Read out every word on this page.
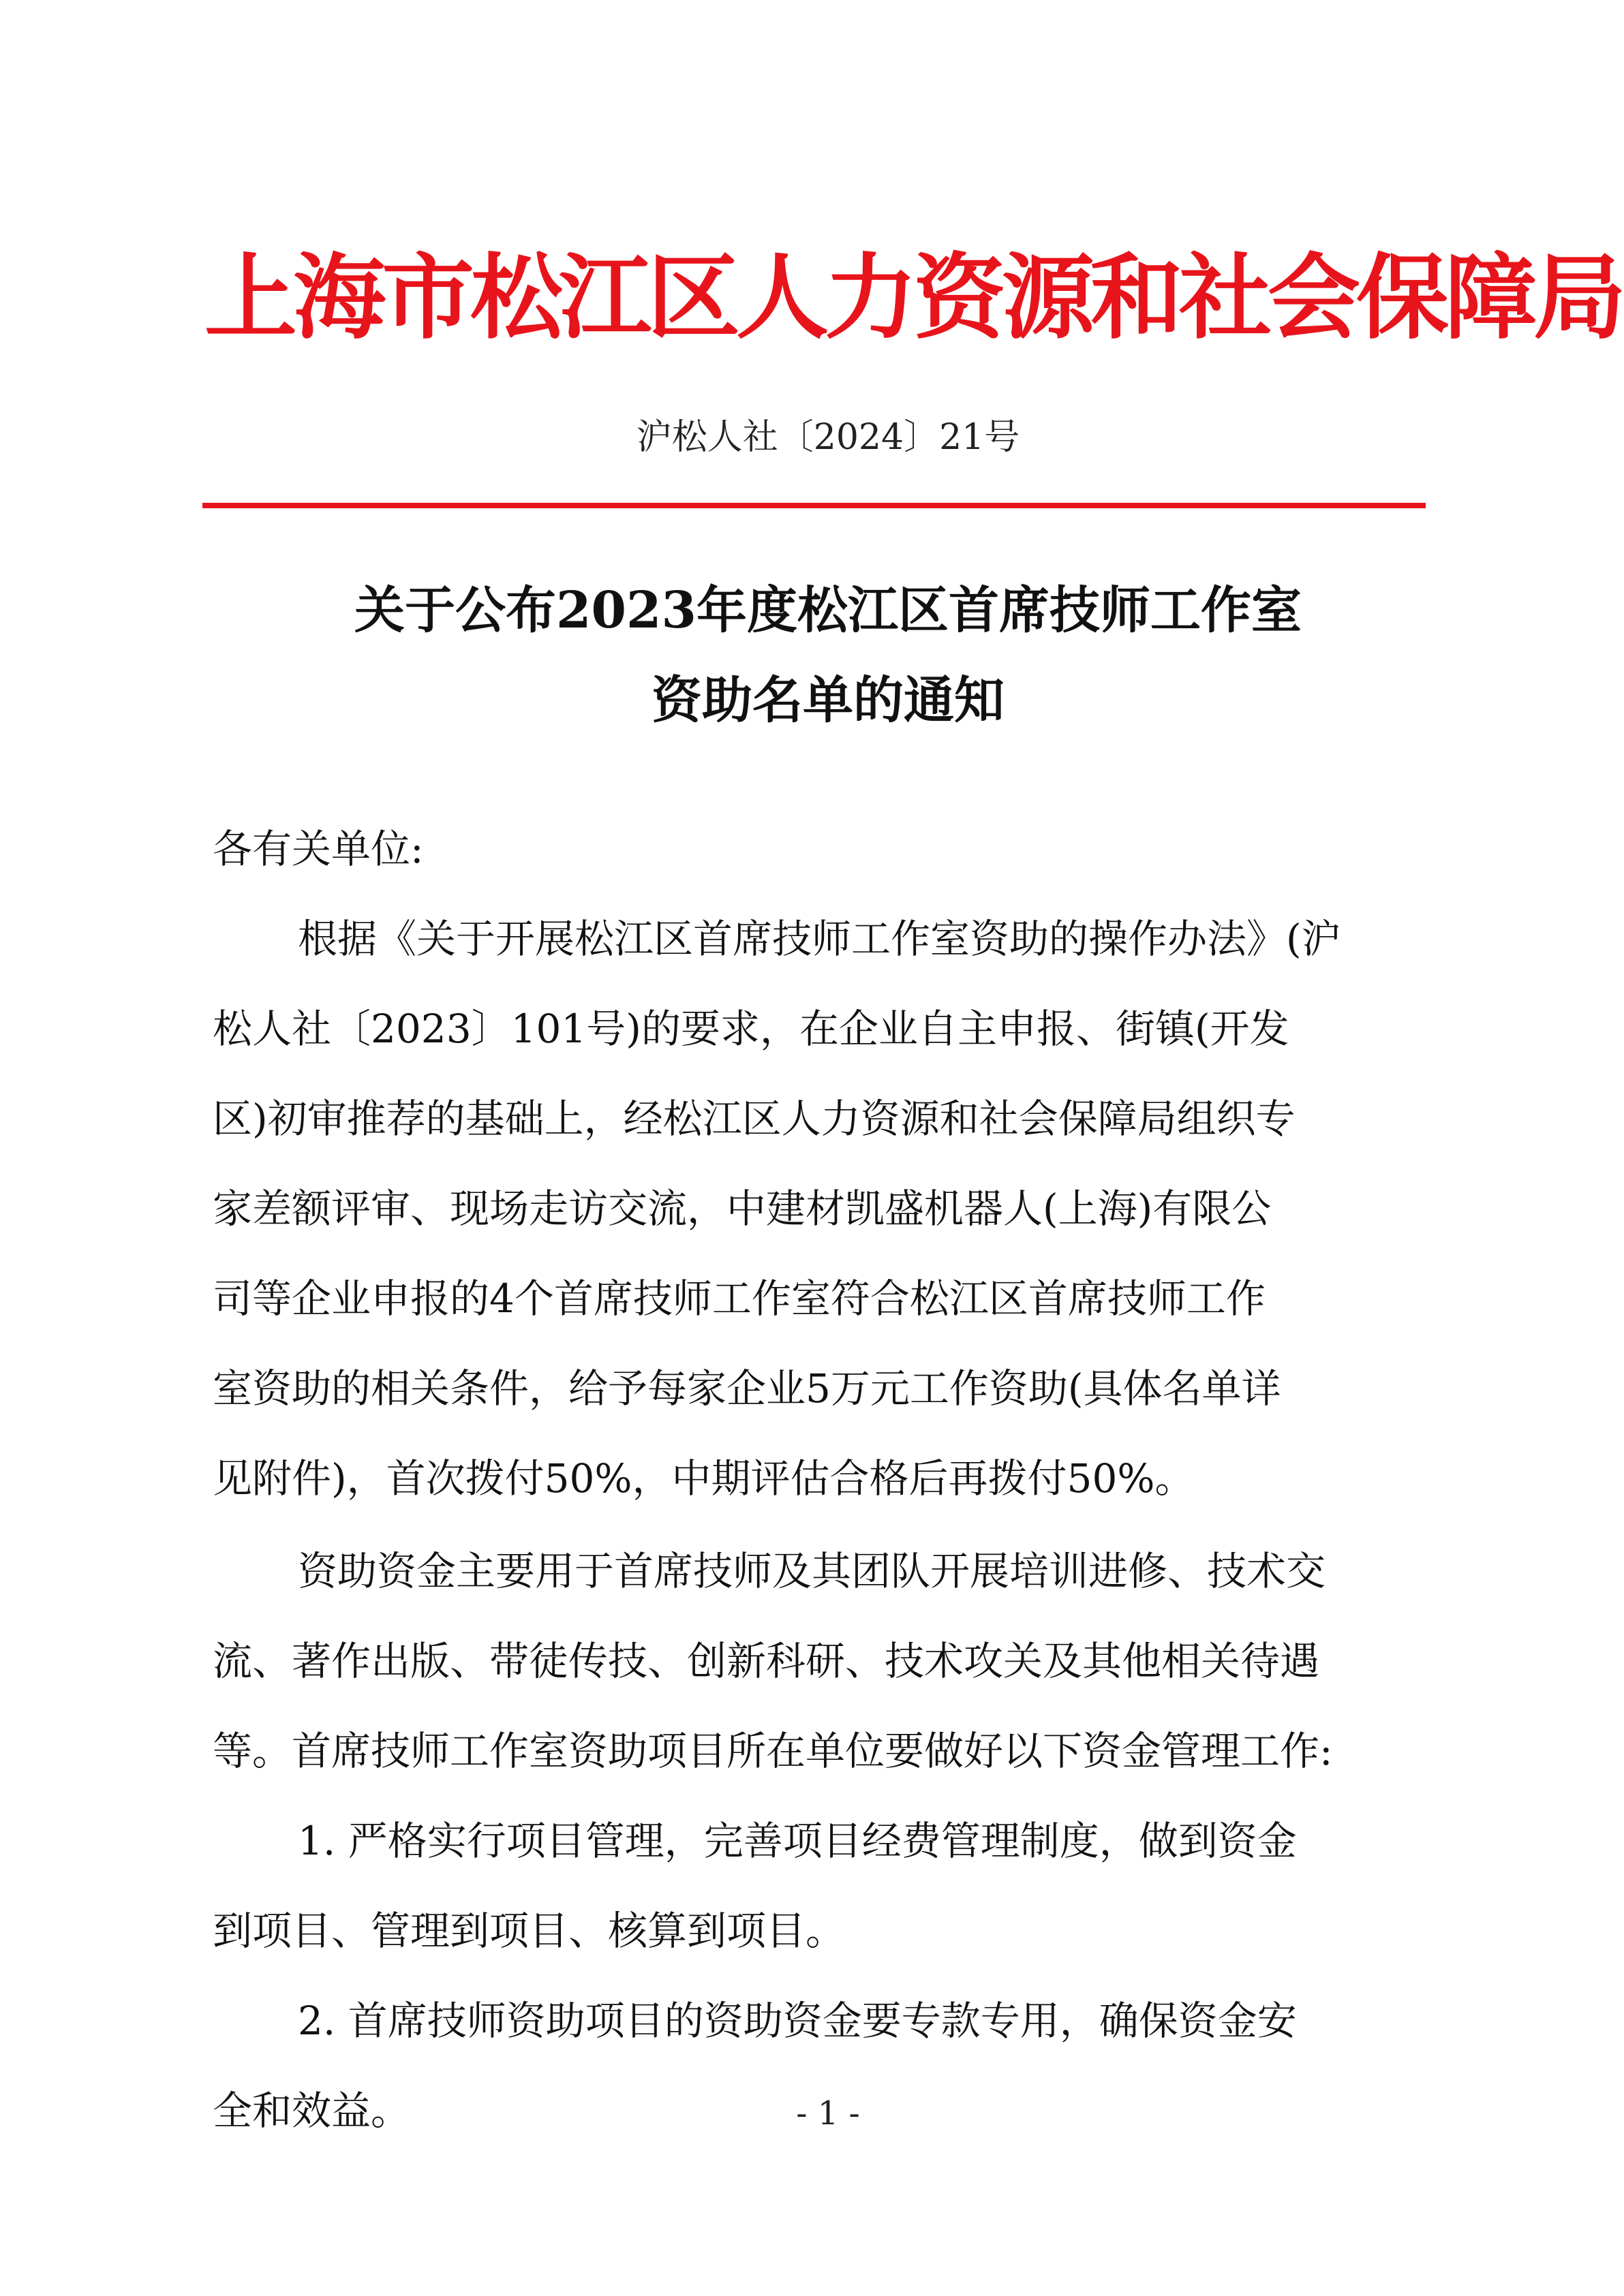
上海市松江区人力资源和社会保障局
沪松人社〔2024〕21号
关于公布2023年度松江区首席技师工作室
资助名单的通知
各有关单位:
根据《关于开展松江区首席技师工作室资助的操作办法》(沪
松人社〔2023〕101号)的要求，在企业自主申报、街镇(开发
区)初审推荐的基础上，经松江区人力资源和社会保障局组织专
家差额评审、现场走访交流，中建材凯盛机器人(上海)有限公
司等企业申报的4个首席技师工作室符合松江区首席技师工作
室资助的相关条件，给予每家企业5万元工作资助(具体名单详
见附件)，首次拨付50%，中期评估合格后再拨付50%。
资助资金主要用于首席技师及其团队开展培训进修、技术交
流、著作出版、带徒传技、创新科研、技术攻关及其他相关待遇
等。首席技师工作室资助项目所在单位要做好以下资金管理工作:
1. 严格实行项目管理，完善项目经费管理制度，做到资金
到项目、管理到项目、核算到项目。
2. 首席技师资助项目的资助资金要专款专用，确保资金安
全和效益。	- 1 -
